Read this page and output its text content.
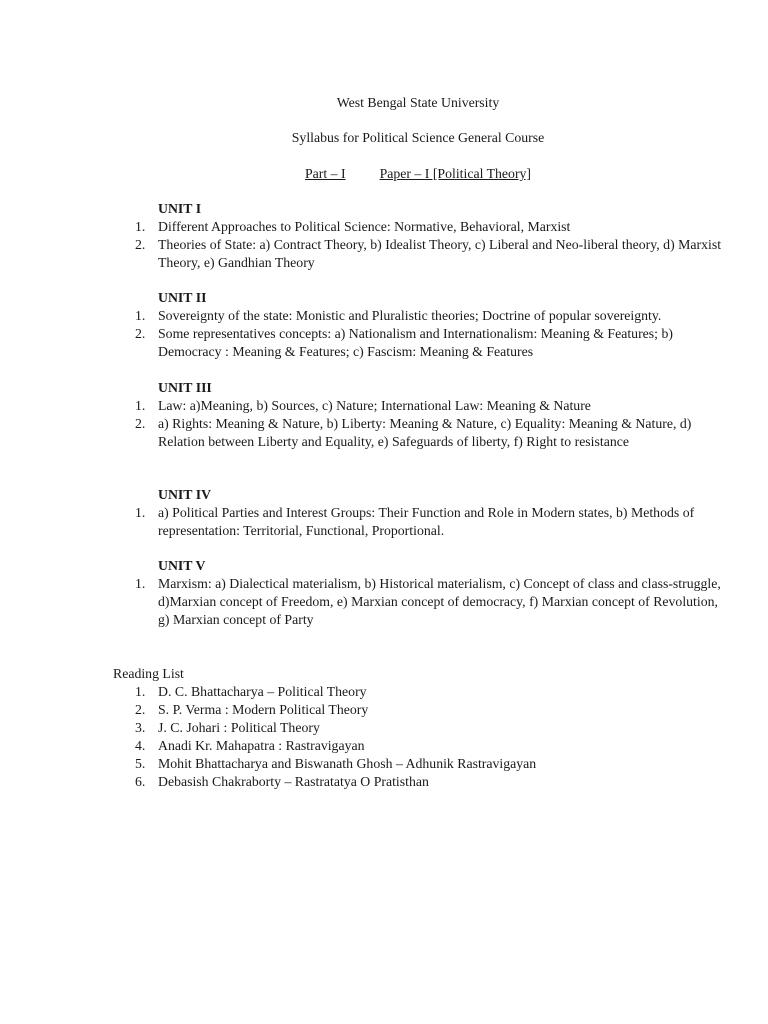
West Bengal State University
Syllabus for Political Science General Course
Part – I Paper – I [Political Theory]
UNIT I
1. Different Approaches to Political Science: Normative, Behavioral, Marxist
2. Theories of State: a) Contract Theory, b) Idealist Theory, c) Liberal and Neo-liberal theory, d) Marxist Theory, e) Gandhian Theory
UNIT II
1. Sovereignty of the state: Monistic and Pluralistic theories; Doctrine of popular sovereignty.
2. Some representatives concepts: a) Nationalism and Internationalism: Meaning & Features; b) Democracy : Meaning & Features; c) Fascism: Meaning & Features
UNIT III
1. Law: a)Meaning, b) Sources, c) Nature; International Law: Meaning & Nature
2. a) Rights: Meaning & Nature, b) Liberty: Meaning & Nature, c) Equality: Meaning & Nature, d) Relation between Liberty and Equality, e) Safeguards of liberty, f) Right to resistance
UNIT IV
1. a) Political Parties and Interest Groups: Their Function and Role in Modern states, b) Methods of representation: Territorial, Functional, Proportional.
UNIT V
1. Marxism: a) Dialectical materialism, b) Historical materialism, c) Concept of class and class-struggle, d)Marxian concept of Freedom, e) Marxian concept of democracy, f) Marxian concept of Revolution, g) Marxian concept of Party
Reading List
1. D. C. Bhattacharya – Political Theory
2. S. P. Verma : Modern Political Theory
3. J. C. Johari : Political Theory
4. Anadi Kr. Mahapatra : Rastravigayan
5. Mohit Bhattacharya and Biswanath Ghosh – Adhunik Rastravigayan
6. Debasish Chakraborty – Rastratatya O Pratisthan
